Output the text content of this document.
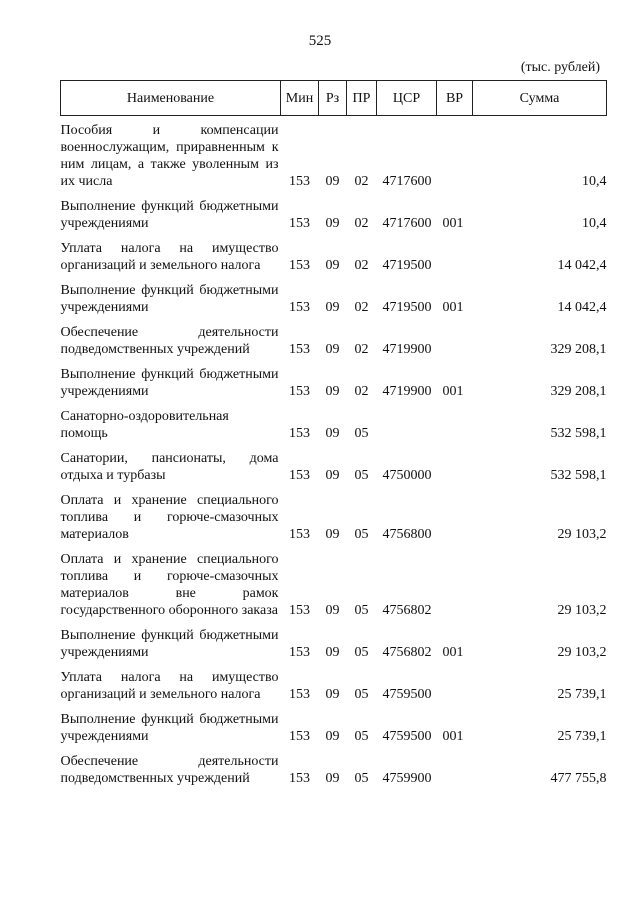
525
(тыс. рублей)
Наименование	Мин	Рз	ПР	ЦСР	ВР	Сумма
Пособия и компенсации военнослужащим, приравненным к ним лицам, а также уволенным из их числа	153	09	02	4717600		10,4
Выполнение функций бюджетными учреждениями	153	09	02	4717600	001	10,4
Уплата налога на имущество организаций и земельного налога	153	09	02	4719500		14 042,4
Выполнение функций бюджетными учреждениями	153	09	02	4719500	001	14 042,4
Обеспечение деятельности подведомственных учреждений	153	09	02	4719900		329 208,1
Выполнение функций бюджетными учреждениями	153	09	02	4719900	001	329 208,1
Санаторно-оздоровительная помощь	153	09	05			532 598,1
Санатории, пансионаты, дома отдыха и турбазы	153	09	05	4750000		532 598,1
Оплата и хранение специального топлива и горюче-смазочных материалов	153	09	05	4756800		29 103,2
Оплата и хранение специального топлива и горюче-смазочных материалов вне рамок государственного оборонного заказа	153	09	05	4756802		29 103,2
Выполнение функций бюджетными учреждениями	153	09	05	4756802	001	29 103,2
Уплата налога на имущество организаций и земельного налога	153	09	05	4759500		25 739,1
Выполнение функций бюджетными учреждениями	153	09	05	4759500	001	25 739,1
Обеспечение деятельности подведомственных учреждений	153	09	05	4759900		477 755,8
